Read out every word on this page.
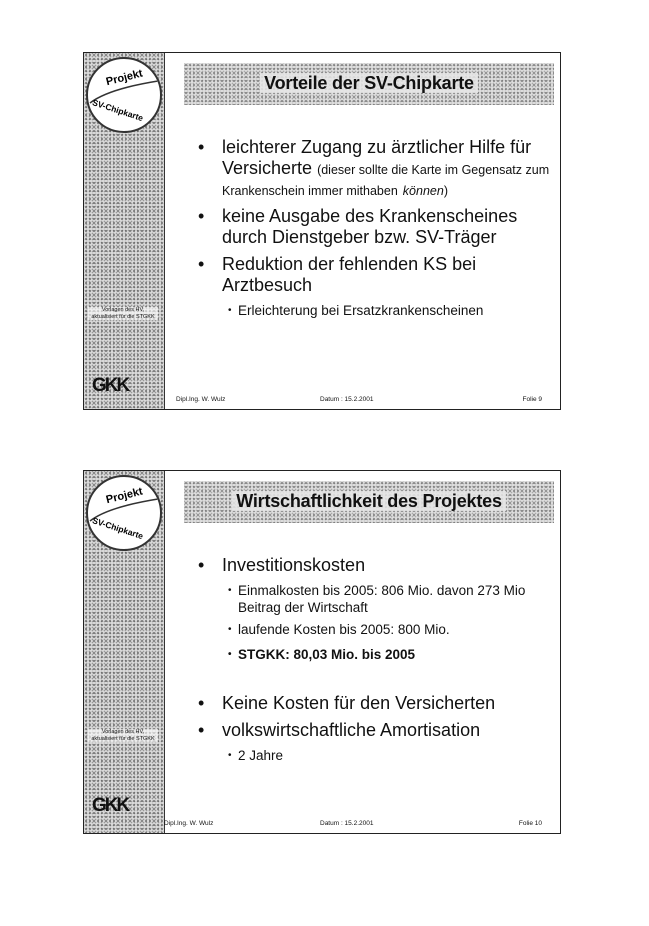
Projekt
SV-Chipkarte
Vorlagen des HV, aktualisiert für die STGKK
GKK
Vorteile der SV-Chipkarte
• leichterer Zugang zu ärztlicher Hilfe für Versicherte (dieser sollte die Karte im Gegensatz zum Krankenschein immer mithaben können)
• keine Ausgabe des Krankenscheines durch Dienstgeber bzw. SV-Träger
• Reduktion der fehlenden KS bei Arztbesuch
• Erleichterung bei Ersatzkrankenscheinen
Dipl.Ing. W. Wulz	Datum : 15.2.2001	Folie 9
Projekt
SV-Chipkarte
Vorlagen des HV, aktualisiert für die STGKK
GKK
Wirtschaftlichkeit des Projektes
• Investitionskosten
• Einmalkosten bis 2005: 806 Mio. davon 273 Mio Beitrag der Wirtschaft
• laufende Kosten bis 2005: 800 Mio.
• STGKK: 80,03 Mio. bis 2005
• Keine Kosten für den Versicherten
• volkswirtschaftliche Amortisation
• 2 Jahre
Dipl.Ing. W. Wulz	Datum : 15.2.2001	Folie 10
